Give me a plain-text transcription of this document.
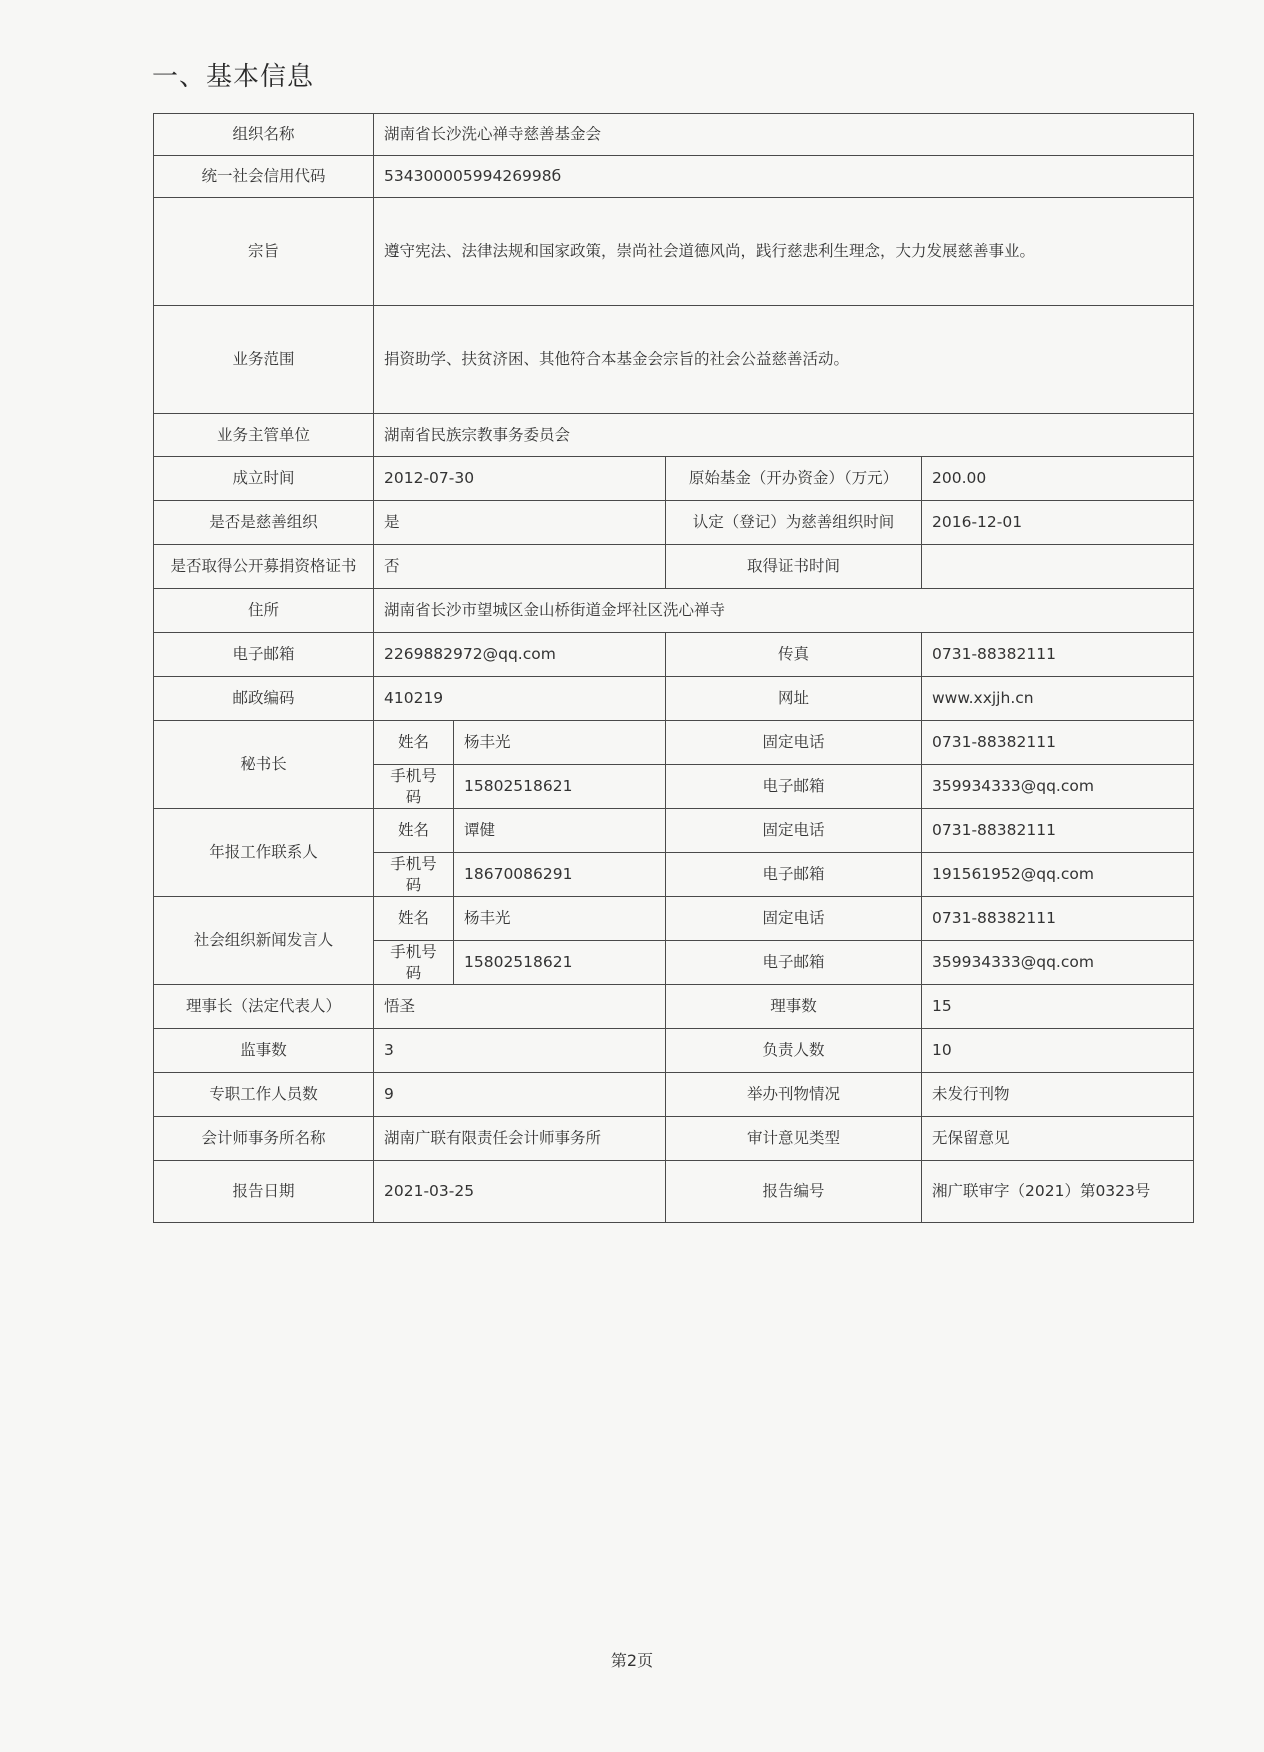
一、基本信息
组织名称	湖南省长沙洗心禅寺慈善基金会			
统一社会信用代码	53430000599426998б			
宗旨	遵守宪法、法律法规和国家政策，崇尚社会道德风尚，践行慈悲利生理念，大力发展慈善事业。			
业务范围	捐资助学、扶贫济困、其他符合本基金会宗旨的社会公益慈善活动。			
业务主管单位	湖南省民族宗教事务委员会			
成立时间	2012-07-30		原始基金（开办资金）（万元）	200.00
是否是慈善组织	是		认定（登记）为慈善组织时间	2016-12-01
是否取得公开募捐资格证书	否		取得证书时间	
住所	湖南省长沙市望城区金山桥街道金坪社区洗心禅寺			
电子邮箱	2269882972@qq.com		传真	0731-88382111
邮政编码	410219		网址	www.xxjjh.cn
秘书长	姓名	杨丰光	固定电话	0731-88382111
	手机号码	15802518621	电子邮箱	359934333@qq.com
年报工作联系人	姓名	谭健	固定电话	0731-88382111
	手机号码	18670086291	电子邮箱	191561952@qq.com
社会组织新闻发言人	姓名	杨丰光	固定电话	0731-88382111
	手机号码	15802518621	电子邮箱	359934333@qq.com
理事长（法定代表人）	悟圣		理事数	15
监事数	3		负责人数	10
专职工作人员数	9		举办刊物情况	未发行刊物
会计师事务所名称	湖南广联有限责任会计师事务所		审计意见类型	无保留意见
报告日期	2021-03-25		报告编号	湘广联审字（2021）第0323号

第2页
